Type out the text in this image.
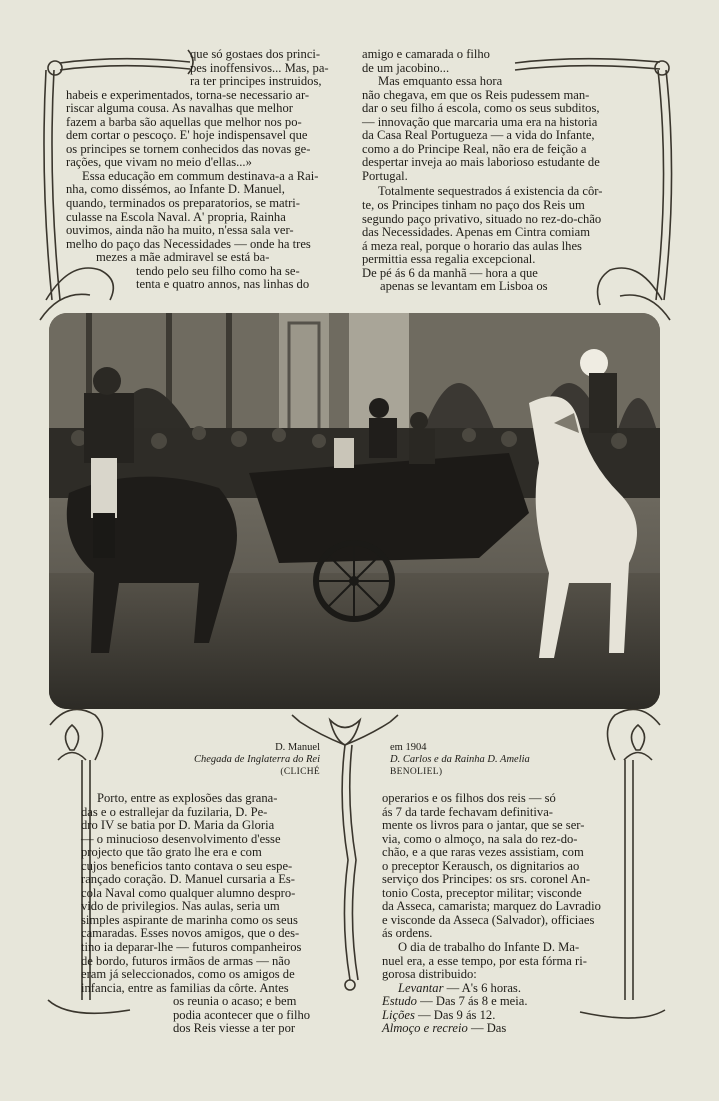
que só gostaes dos princi-

pes inoffensivos... Mas, pa-

ra ter principes instruidos,

habeis e experimentados, torna-se necessario ar-

riscar alguma cousa. As navalhas que melhor

fazem a barba são aquellas que melhor nos po-

dem cortar o pescoço. E' hoje indispensavel que

os principes se tornem conhecidos das novas ge-

rações, que vivam no meio d'ellas...»

Essa educação em commum destinava-a a Rai-

nha, como dissémos, ao Infante D. Manuel,

quando, terminados os preparatorios, se matri-

culasse na Escola Naval. A' propria, Rainha

ouvimos, ainda não ha muito, n'essa sala ver-

melho do paço das Necessidades — onde ha tres

mezes a mãe admiravel se está ba-

tendo pelo seu filho como ha se-

tenta e quatro annos, nas linhas do

amigo e camarada o filho

de um jacobino...

Mas emquanto essa hora

não chegava, em que os Reis pudessem man-

dar o seu filho á escola, como os seus subditos,

— innovação que marcaria uma era na historia

da Casa Real Portugueza — a vida do Infante,

como a do Principe Real, não era de feição a

despertar inveja ao mais laborioso estudante de

Portugal.

Totalmente sequestrados á existencia da côr-

te, os Principes tinham no paço dos Reis um

segundo paço privativo, situado no rez-do-chão

das Necessidades. Apenas em Cintra comiam

á meza real, porque o horario das aulas lhes

permittia essa regalia excepcional.

De pé ás 6 da manhã — hora a que

apenas se levantam em Lisboa os

D. Manuel
Chegada de Inglaterra do Rei
(CLICHÉ
em 1904
D. Carlos e da Rainha D. Amelia
BENOLIEL)

Porto, entre as explosões das grana-

das e o estrallejar da fuzilaria, D. Pe-

dro IV se batia por D. Maria da Gloria

— o minucioso desenvolvimento d'esse

projecto que tão grato lhe era e com

cujos beneficios tanto contava o seu espe-

rançado coração. D. Manuel cursaria a Es-

cola Naval como qualquer alumno despro-

vido de privilegios. Nas aulas, seria um

simples aspirante de marinha como os seus

camaradas. Esses novos amigos, que o des-

tino ia deparar-lhe — futuros companheiros

de bordo, futuros irmãos de armas — não

eram já seleccionados, como os amigos de

infancia, entre as familias da côrte. Antes

os reunia o acaso; e bem

podia acontecer que o filho

dos Reis viesse a ter por

operarios e os filhos dos reis — só

ás 7 da tarde fechavam definitiva-

mente os livros para o jantar, que se ser-

via, como o almoço, na sala do rez-do-

chão, e a que raras vezes assistiam, com

o preceptor Kerausch, os dignitarios ao

serviço dos Principes: os srs. coronel An-

tonio Costa, preceptor militar; visconde

da Asseca, camarista; marquez do Lavradio

e visconde da Asseca (Salvador), officiaes

ás ordens.

O dia de trabalho do Infante D. Ma-

nuel era, a esse tempo, por esta fórma ri-

gorosa distribuido:

Levantar — A's 6 horas.

Estudo — Das 7 ás 8 e meia.

Lições — Das 9 ás 12.

Almoço e recreio — Das
